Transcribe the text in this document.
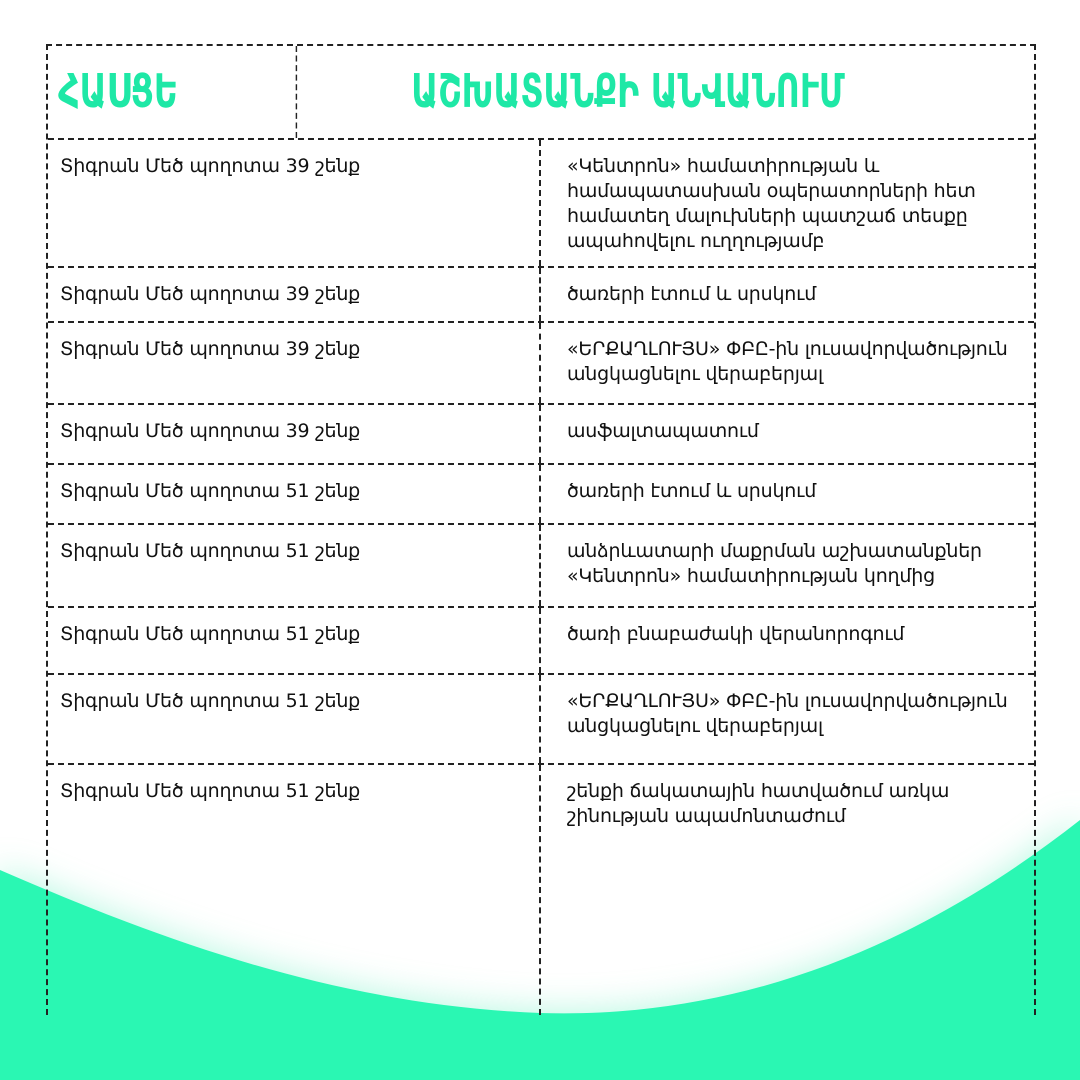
ՀԱՍՑԵ	ԱՇԽԱՏԱՆՔԻ ԱՆՎԱՆՈՒՄ
Տիգրան Մեծ պողոտա 39 շենք	«Կենտրոն» համատիրության և համապատասխան օպերատորների հետ համատեղ մալուխների պատշաճ տեսքը ապահովելու ուղղությամբ
Տիգրան Մեծ պողոտա 39 շենք	ծառերի էտում և սրսկում
Տիգրան Մեծ պողոտա 39 շենք	«ԵՐՔԱՂԼՈՒՅՍ» ՓԲԸ-ին լուսավորվածություն անցկացնելու վերաբերյալ
Տիգրան Մեծ պողոտա 39 շենք	ասֆալտապատում
Տիգրան Մեծ պողոտա 51 շենք	ծառերի էտում և սրսկում
Տիգրան Մեծ պողոտա 51 շենք	անձրևատարի մաքրման աշխատանքներ «Կենտրոն» համատիրության կողմից
Տիգրան Մեծ պողոտա 51 շենք	ծառի բնաբաժակի վերանորոգում
Տիգրան Մեծ պողոտա 51 շենք	«ԵՐՔԱՂԼՈՒՅՍ» ՓԲԸ-ին լուսավորվածություն անցկացնելու վերաբերյալ
Տիգրան Մեծ պողոտա 51 շենք	շենքի ճակատային հատվածում առկա շինության ապամոնտաժում
